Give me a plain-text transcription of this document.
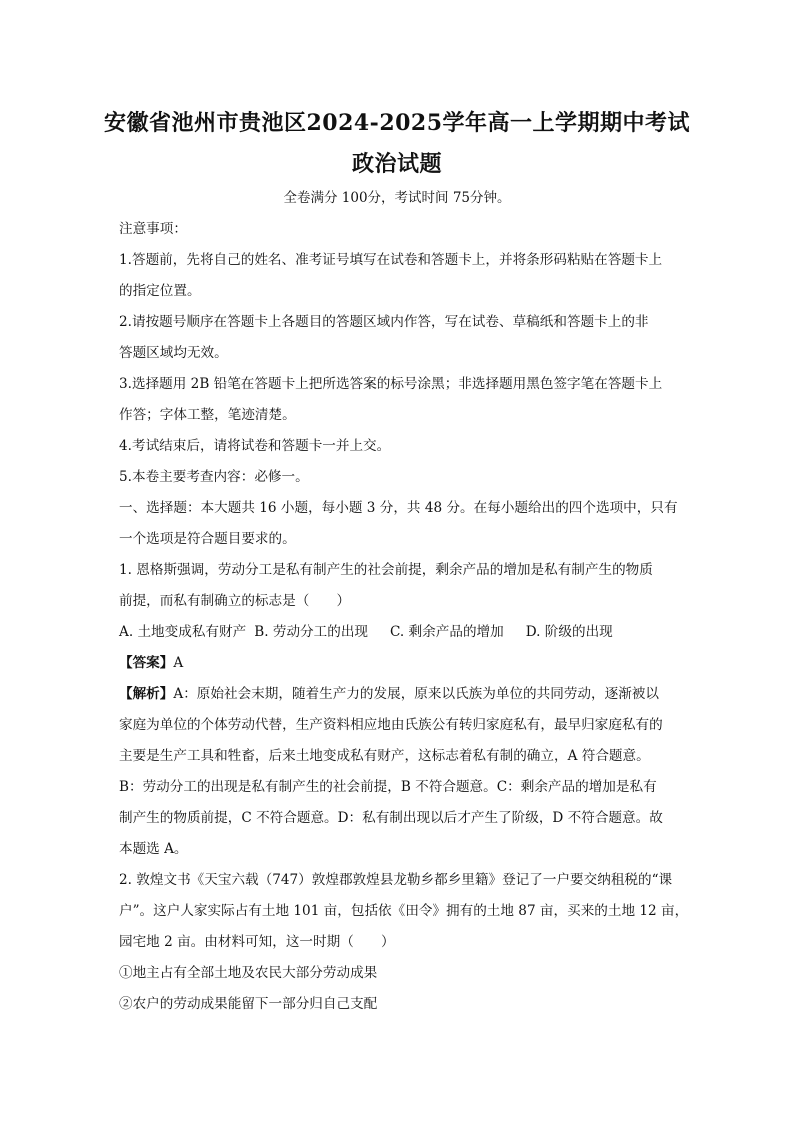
安徽省池州市贵池区2024-2025学年高一上学期期中考试
政治试题
全卷满分 100分，考试时间 75分钟。
注意事项：
1.答题前，先将自己的姓名、准考证号填写在试卷和答题卡上，并将条形码粘贴在答题卡上
的指定位置。
2.请按题号顺序在答题卡上各题目的答题区域内作答，写在试卷、草稿纸和答题卡上的非
答题区域均无效。
3.选择题用 2B 铅笔在答题卡上把所选答案的标号涂黑；非选择题用黑色签字笔在答题卡上
作答；字体工整，笔迹清楚。
4.考试结束后，请将试卷和答题卡一并上交。
5.本卷主要考查内容：必修一。
一、选择题：本大题共 16 小题，每小题 3 分，共 48 分。在每小题给出的四个选项中，只有
一个选项是符合题目要求的。
1. 恩格斯强调，劳动分工是私有制产生的社会前提，剩余产品的增加是私有制产生的物质
前提，而私有制确立的标志是（　　）
A. 土地变成私有财产 B. 劳动分工的出现 C. 剩余产品的增加 D. 阶级的出现
【答案】A
【解析】A：原始社会末期，随着生产力的发展，原来以氏族为单位的共同劳动，逐渐被以
家庭为单位的个体劳动代替，生产资料相应地由氏族公有转归家庭私有，最早归家庭私有的
主要是生产工具和牲畜，后来土地变成私有财产，这标志着私有制的确立，A 符合题意。
B：劳动分工的出现是私有制产生的社会前提，B 不符合题意。C：剩余产品的增加是私有
制产生的物质前提，C 不符合题意。D：私有制出现以后才产生了阶级，D 不符合题意。故
本题选 A。
2. 敦煌文书《天宝六载（747）敦煌郡敦煌县龙勒乡都乡里籍》登记了一户要交纳租税的“课
户”。这户人家实际占有土地 101 亩，包括依《田令》拥有的土地 87 亩，买来的土地 12 亩，
园宅地 2 亩。由材料可知，这一时期（　　）
①地主占有全部土地及农民大部分劳动成果
②农户的劳动成果能留下一部分归自己支配
